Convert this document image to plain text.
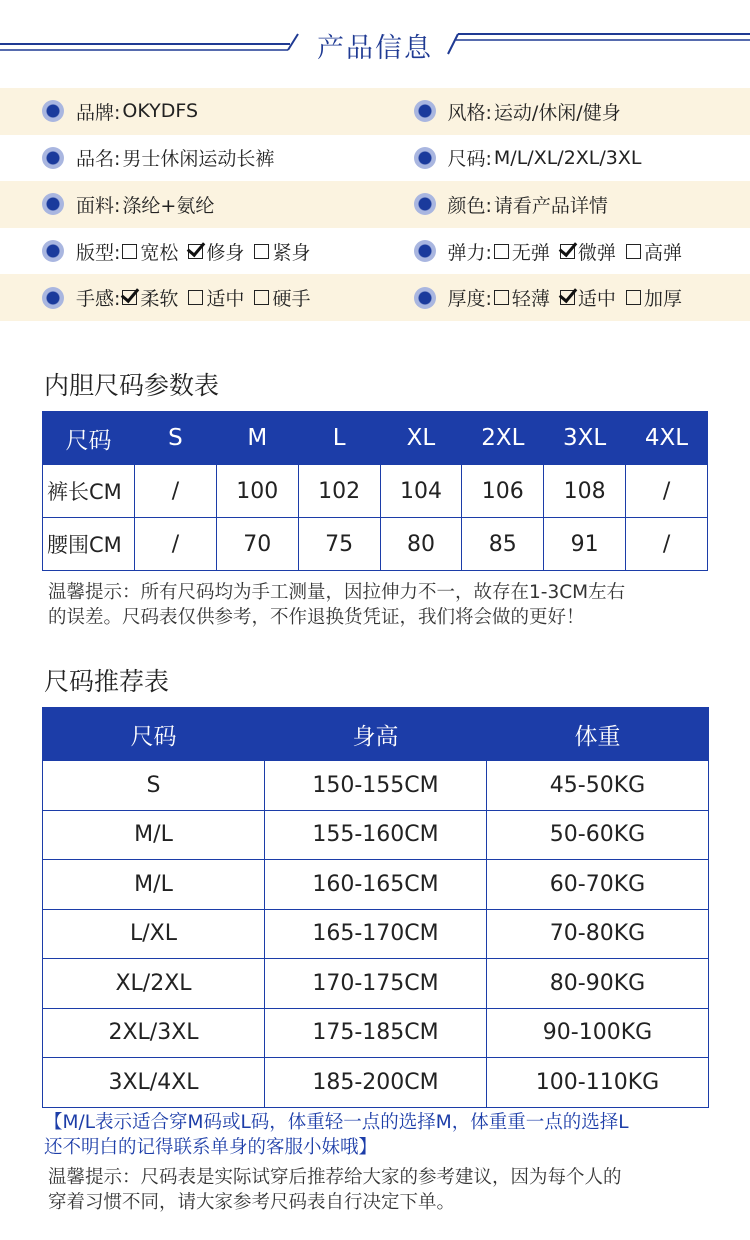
产品信息
品牌: OKYDFS	风格: 运动/休闲/健身
品名: 男士休闲运动长裤	尺码: M/L/XL/2XL/3XL
面料: 涤纶+氨纶	颜色: 请看产品详情
版型: 宽松 修身 紧身	弹力: 无弹 微弹 高弹
手感: 柔软 适中 硬手	厚度: 轻薄 适中 加厚
内胆尺码参数表
尺码	S	M	L	XL	2XL	3XL	4XL
裤长CM	/	100	102	104	106	108	/
腰围CM	/	70	75	80	85	91	/
温馨提示：所有尺码均为手工测量，因拉伸力不一，故存在1-3CM左右
的误差。尺码表仅供参考，不作退换货凭证，我们将会做的更好！
尺码推荐表
尺码	身高	体重
S	150-155CM	45-50KG
M/L	155-160CM	50-60KG
M/L	160-165CM	60-70KG
L/XL	165-170CM	70-80KG
XL/2XL	170-175CM	80-90KG
2XL/3XL	175-185CM	90-100KG
3XL/4XL	185-200CM	100-110KG
【M/L表示适合穿M码或L码，体重轻一点的选择M，体重重一点的选择L
还不明白的记得联系单身的客服小妹哦】
温馨提示：尺码表是实际试穿后推荐给大家的参考建议，因为每个人的
穿着习惯不同，请大家参考尺码表自行决定下单。
